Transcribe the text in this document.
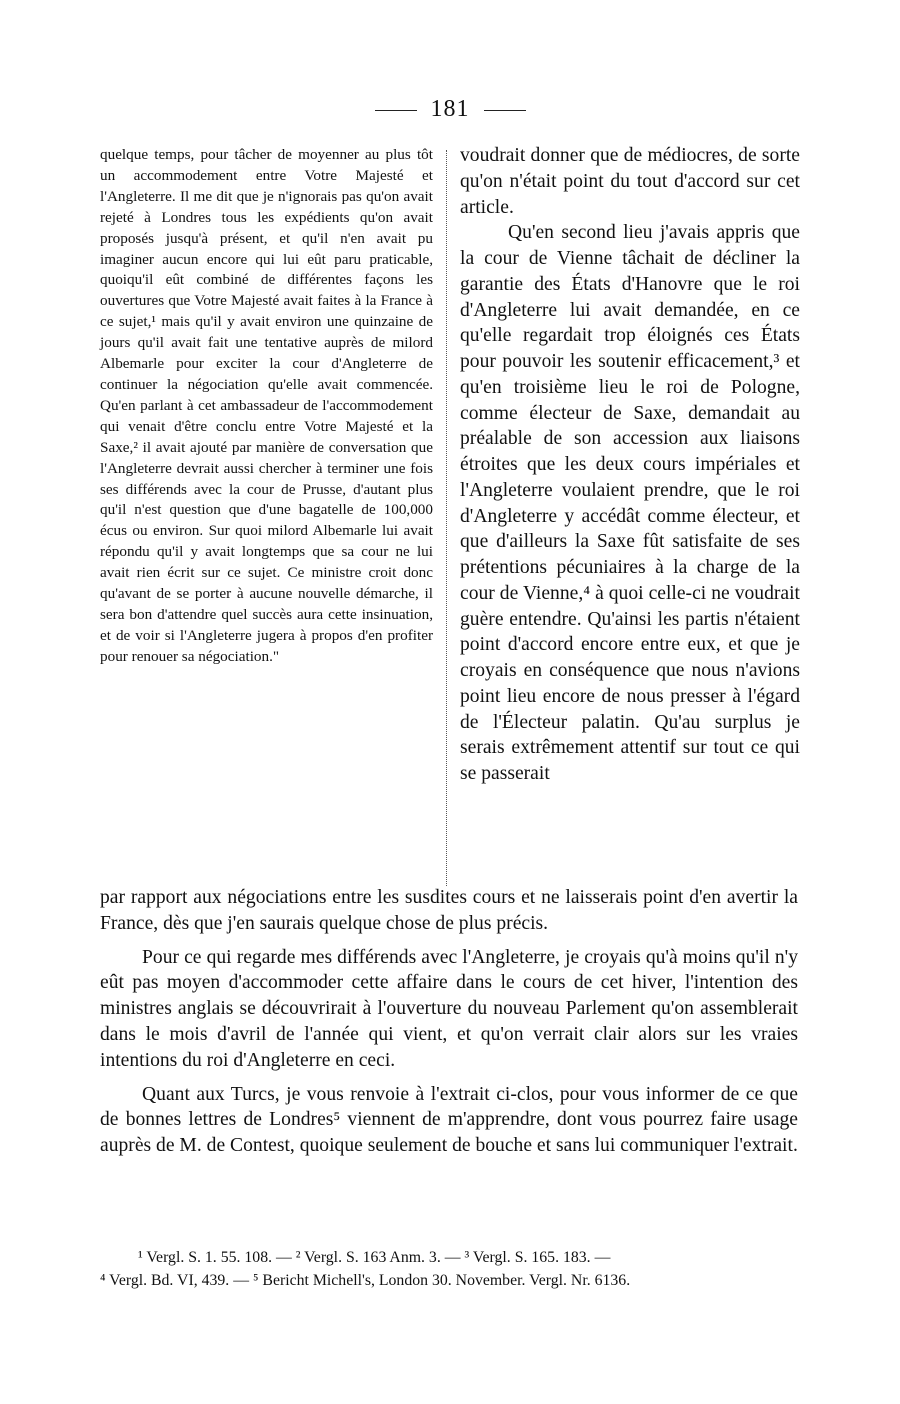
181

quelque temps, pour tâcher de moyenner au plus tôt un accommodement entre Votre Majesté et l'Angleterre. Il me dit que je n'ignorais pas qu'on avait rejeté à Londres tous les expédients qu'on avait proposés jusqu'à présent, et qu'il n'en avait pu imaginer aucun encore qui lui eût paru praticable, quoiqu'il eût combiné de différentes façons les ouvertures que Votre Majesté avait faites à la France à ce sujet,¹ mais qu'il y avait environ une quinzaine de jours qu'il avait fait une tentative auprès de milord Albemarle pour exciter la cour d'Angleterre de continuer la négociation qu'elle avait commencée. Qu'en parlant à cet ambassadeur de l'accommodement qui venait d'être conclu entre Votre Majesté et la Saxe,² il avait ajouté par manière de conversation que l'Angleterre devrait aussi chercher à terminer une fois ses différends avec la cour de Prusse, d'autant plus qu'il n'est question que d'une bagatelle de 100,000 écus ou environ. Sur quoi milord Albemarle lui avait répondu qu'il y avait longtemps que sa cour ne lui avait rien écrit sur ce sujet. Ce ministre croit donc qu'avant de se porter à aucune nouvelle démarche, il sera bon d'attendre quel succès aura cette insinuation, et de voir si l'Angleterre jugera à propos d'en profiter pour renouer sa négociation."

voudrait donner que de médiocres, de sorte qu'on n'était point du tout d'accord sur cet article.

Qu'en second lieu j'avais appris que la cour de Vienne tâchait de décliner la garantie des États d'Hanovre que le roi d'Angleterre lui avait demandée, en ce qu'elle regardait trop éloignés ces États pour pouvoir les soutenir efficacement,³ et qu'en troisième lieu le roi de Pologne, comme électeur de Saxe, demandait au préalable de son accession aux liaisons étroites que les deux cours impériales et l'Angleterre voulaient prendre, que le roi d'Angleterre y accédât comme électeur, et que d'ailleurs la Saxe fût satisfaite de ses prétentions pécuniaires à la charge de la cour de Vienne,⁴ à quoi celle-ci ne voudrait guère entendre. Qu'ainsi les partis n'étaient point d'accord encore entre eux, et que je croyais en conséquence que nous n'avions point lieu encore de nous presser à l'égard de l'Électeur palatin. Qu'au surplus je serais extrêmement attentif sur tout ce qui se passerait

par rapport aux négociations entre les susdites cours et ne laisserais point d'en avertir la France, dès que j'en saurais quelque chose de plus précis.

Pour ce qui regarde mes différends avec l'Angleterre, je croyais qu'à moins qu'il n'y eût pas moyen d'accommoder cette affaire dans le cours de cet hiver, l'intention des ministres anglais se découvrirait à l'ouverture du nouveau Parlement qu'on assemblerait dans le mois d'avril de l'année qui vient, et qu'on verrait clair alors sur les vraies intentions du roi d'Angleterre en ceci.

Quant aux Turcs, je vous renvoie à l'extrait ci-clos, pour vous informer de ce que de bonnes lettres de Londres⁵ viennent de m'apprendre, dont vous pourrez faire usage auprès de M. de Contest, quoique seulement de bouche et sans lui communiquer l'extrait.

¹ Vergl. S. 1. 55. 108. — ² Vergl. S. 163 Anm. 3. — ³ Vergl. S. 165. 183. —

⁴ Vergl. Bd. VI, 439. — ⁵ Bericht Michell's, London 30. November. Vergl. Nr. 6136.
